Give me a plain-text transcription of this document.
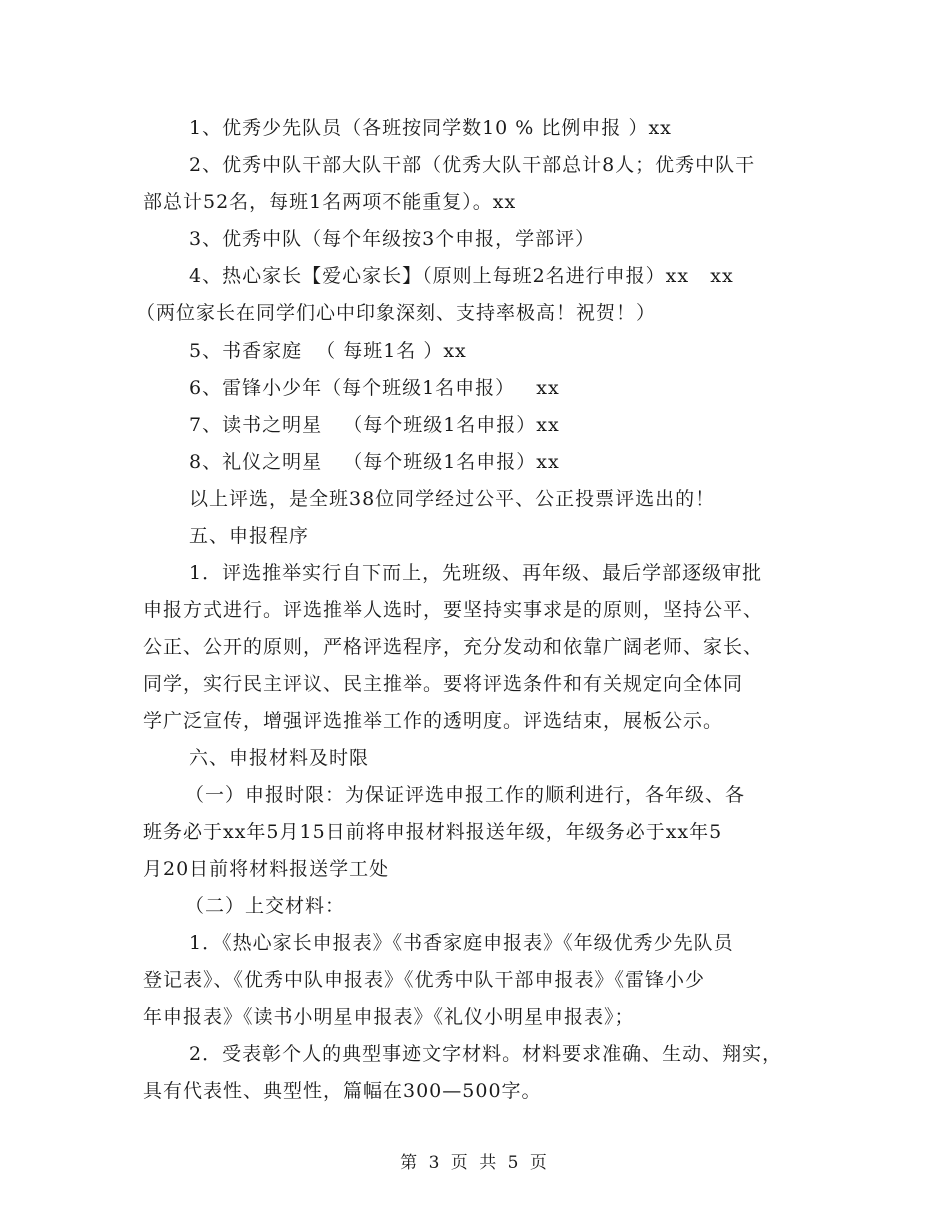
1、优秀少先队员（各班按同学数10 % 比例申报 ）xx
2、优秀中队干部大队干部（优秀大队干部总计8人；优秀中队干
部总计52名，每班1名两项不能重复）。xx
3、优秀中队（每个年级按3个申报，学部评）
4、热心家长【爱心家长】（原则上每班2名进行申报）xx   xx
（两位家长在同学们心中印象深刻、支持率极高！祝贺！）
5、书香家庭  （ 每班1名 ）xx
6、雷锋小少年（每个班级1名申报）   xx
7、读书之明星   （每个班级1名申报）xx
8、礼仪之明星   （每个班级1名申报）xx
以上评选，是全班38位同学经过公平、公正投票评选出的！
五、申报程序
1．评选推举实行自下而上，先班级、再年级、最后学部逐级审批
申报方式进行。评选推举人选时，要坚持实事求是的原则，坚持公平、
公正、公开的原则，严格评选程序，充分发动和依靠广阔老师、家长、
同学，实行民主评议、民主推举。要将评选条件和有关规定向全体同
学广泛宣传，增强评选推举工作的透明度。评选结束，展板公示。
六、申报材料及时限
（一）申报时限：为保证评选申报工作的顺利进行，各年级、各
班务必于xx年5月15日前将申报材料报送年级，年级务必于xx年5
月20日前将材料报送学工处
（二）上交材料：
1．《热心家长申报表》《书香家庭申报表》《年级优秀少先队员
登记表》、《优秀中队申报表》《优秀中队干部申报表》《雷锋小少
年申报表》《读书小明星申报表》《礼仪小明星申报表》；
2．受表彰个人的典型事迹文字材料。材料要求准确、生动、翔实，
具有代表性、典型性，篇幅在300—500字。
第 3 页 共 5 页
